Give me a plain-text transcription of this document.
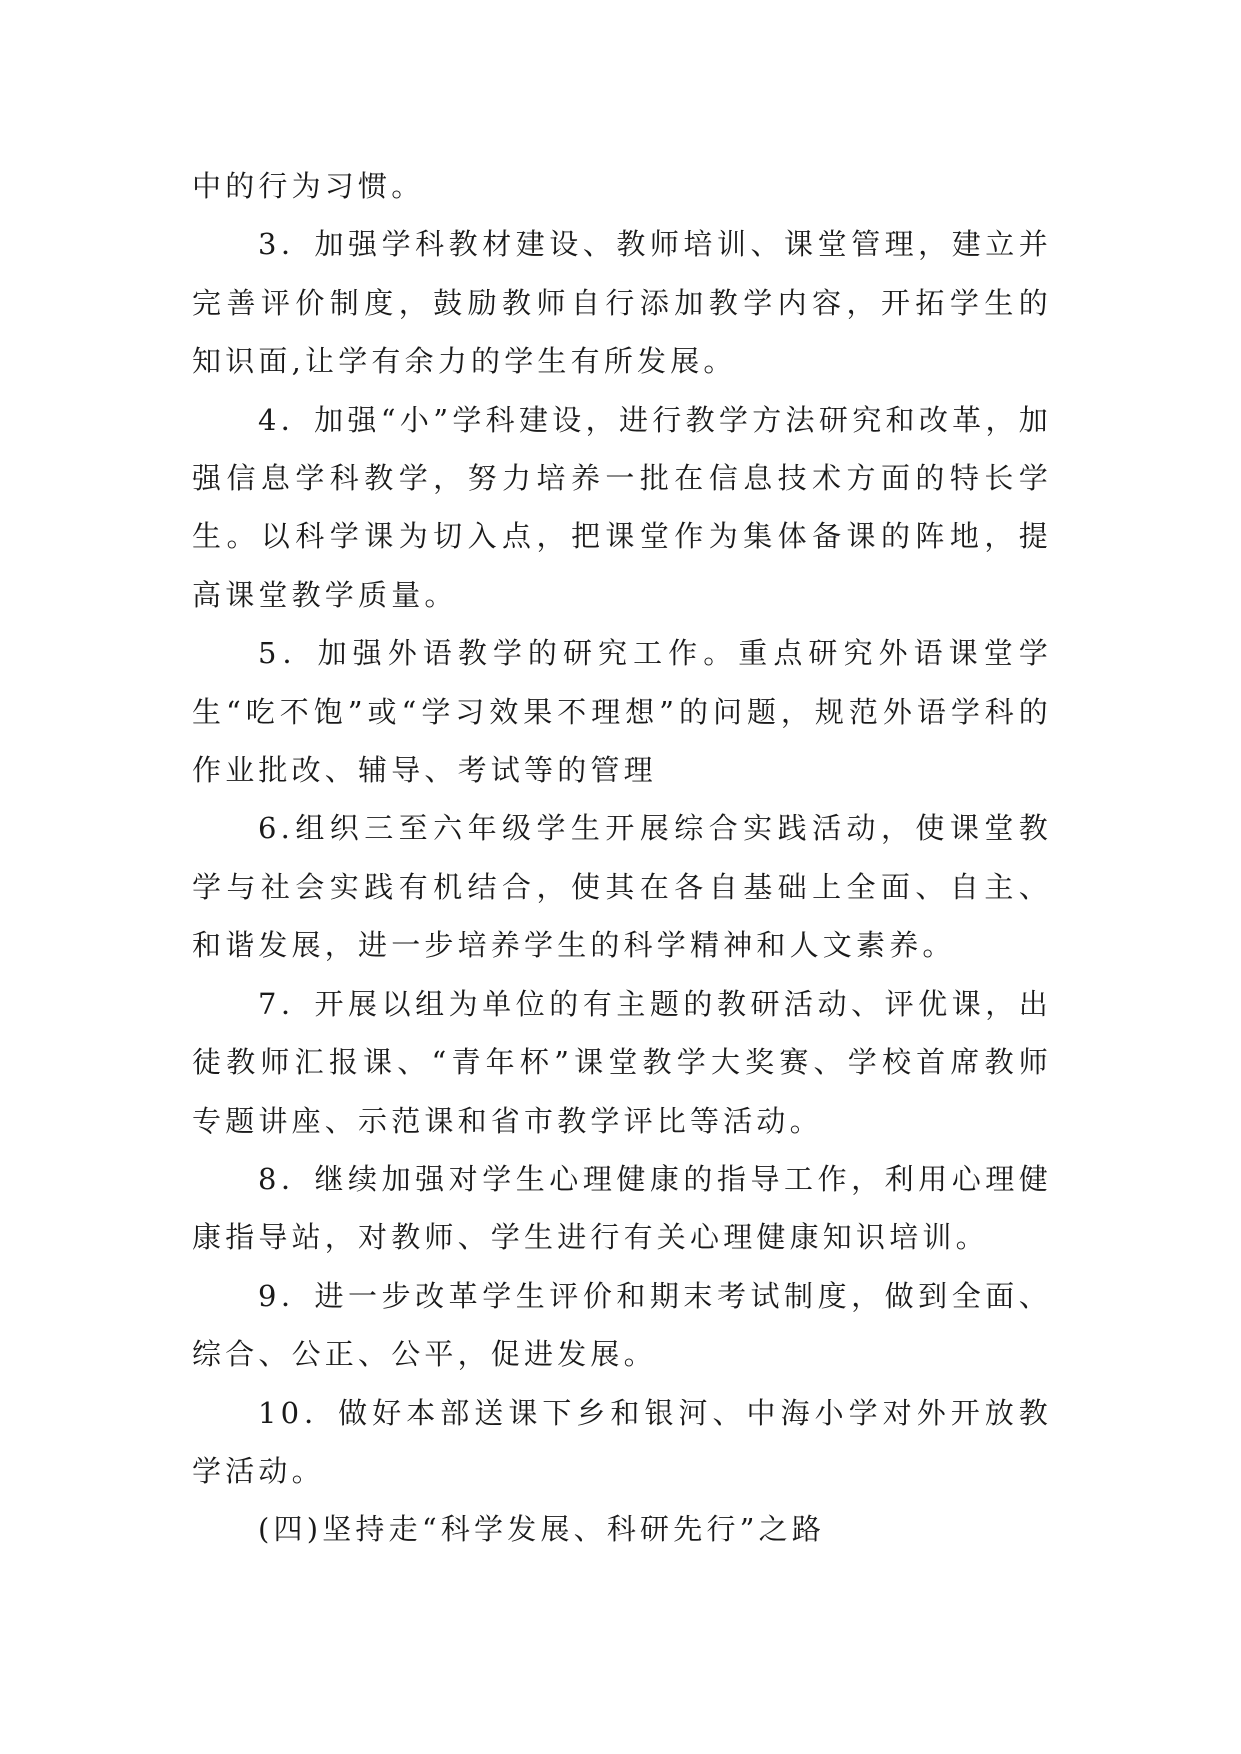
中的行为习惯。

3．加强学科教材建设、教师培训、课堂管理，建立并完善评价制度，鼓励教师自行添加教学内容，开拓学生的知识面,让学有余力的学生有所发展。

4．加强“小”学科建设，进行教学方法研究和改革，加强信息学科教学，努力培养一批在信息技术方面的特长学生。以科学课为切入点，把课堂作为集体备课的阵地，提高课堂教学质量。

5．加强外语教学的研究工作。重点研究外语课堂学生“吃不饱”或“学习效果不理想”的问题，规范外语学科的作业批改、辅导、考试等的管理

6.组织三至六年级学生开展综合实践活动，使课堂教学与社会实践有机结合，使其在各自基础上全面、自主、和谐发展，进一步培养学生的科学精神和人文素养。

7．开展以组为单位的有主题的教研活动、评优课，出徒教师汇报课、“青年杯”课堂教学大奖赛、学校首席教师专题讲座、示范课和省市教学评比等活动。

8．继续加强对学生心理健康的指导工作，利用心理健康指导站，对教师、学生进行有关心理健康知识培训。

9．进一步改革学生评价和期末考试制度，做到全面、综合、公正、公平，促进发展。

10．做好本部送课下乡和银河、中海小学对外开放教学活动。

(四)坚持走“科学发展、科研先行”之路
